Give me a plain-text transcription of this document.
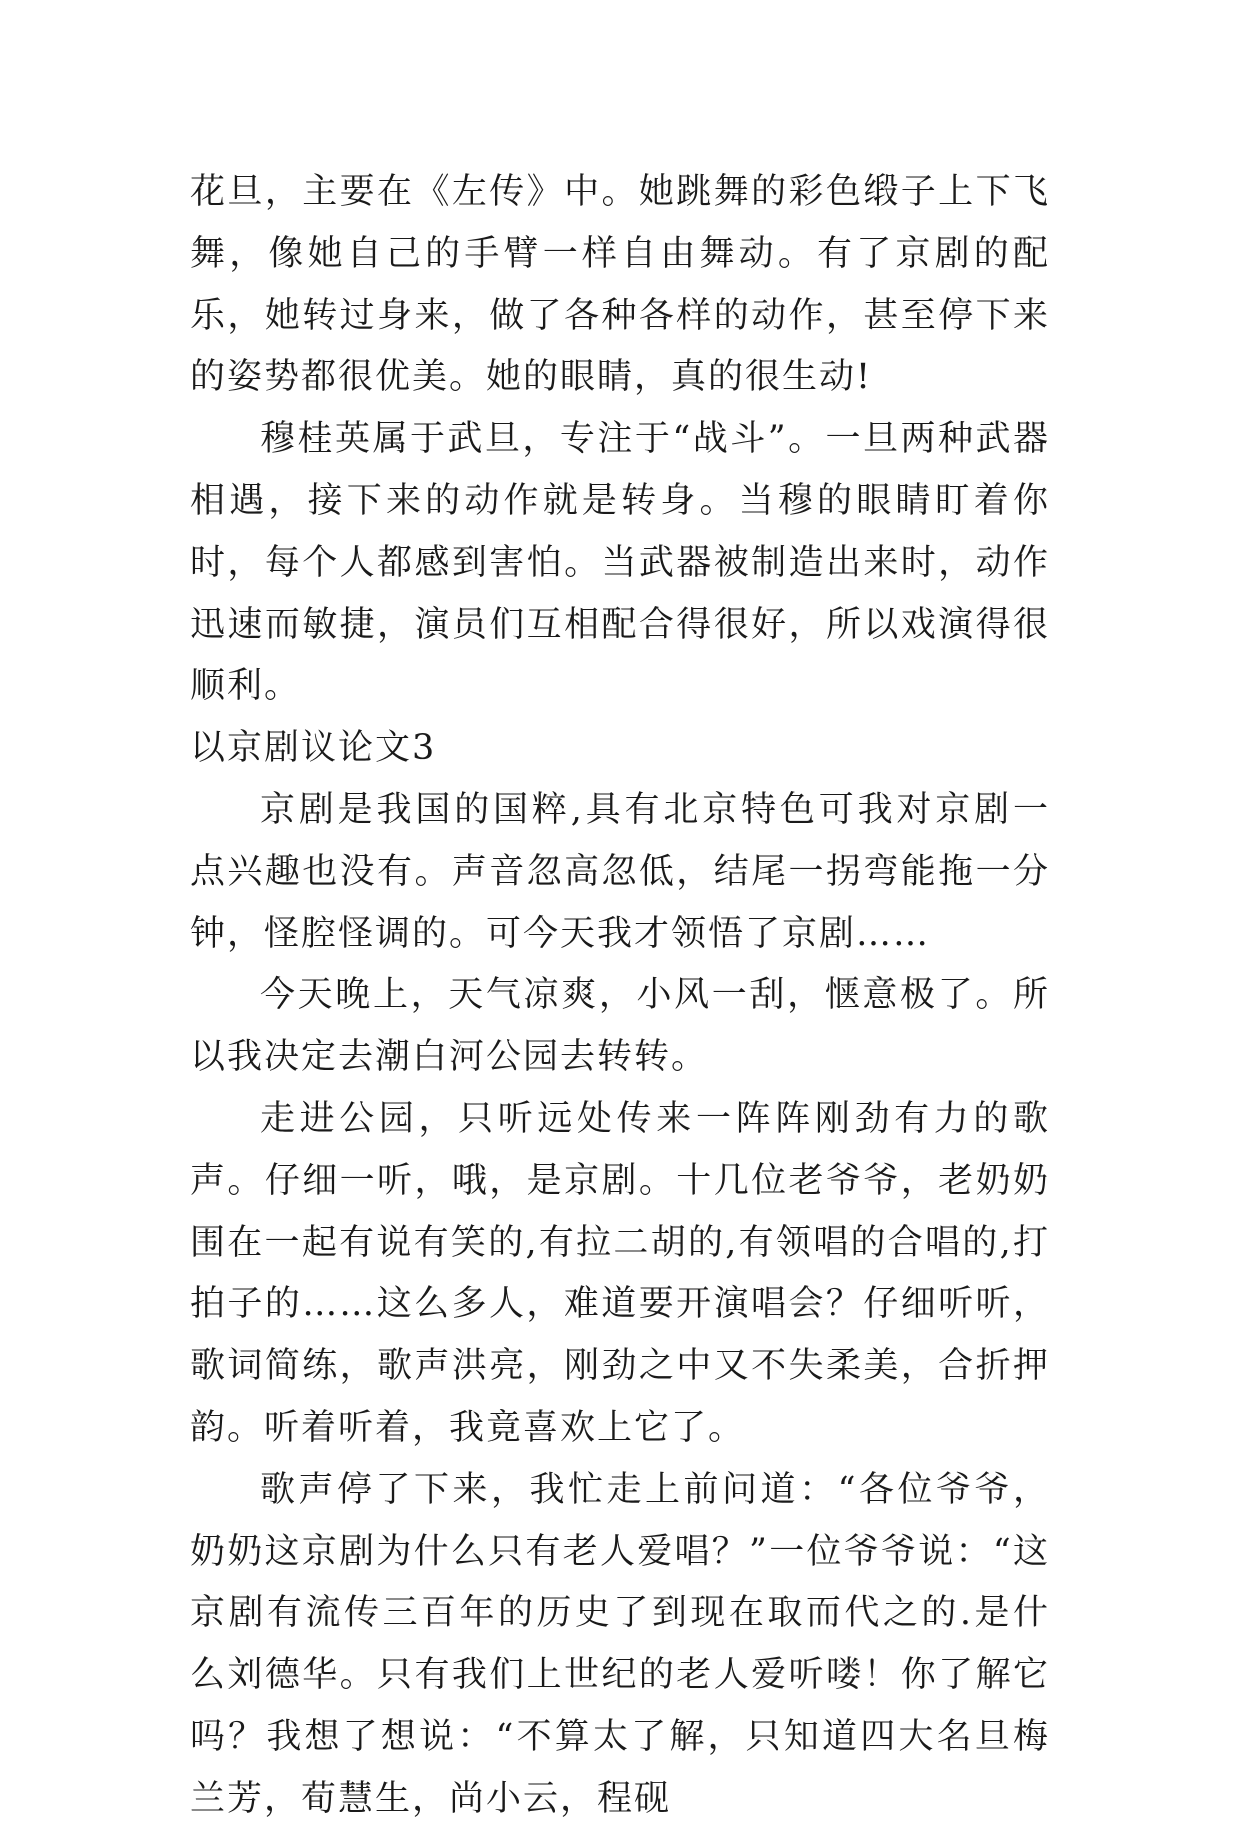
花旦，主要在《左传》中。她跳舞的彩色缎子上下飞舞，像她自己的手臂一样自由舞动。有了京剧的配乐，她转过身来，做了各种各样的动作，甚至停下来的姿势都很优美。她的眼睛，真的很生动!

穆桂英属于武旦，专注于“战斗”。一旦两种武器相遇，接下来的动作就是转身。当穆的眼睛盯着你时，每个人都感到害怕。当武器被制造出来时，动作迅速而敏捷，演员们互相配合得很好，所以戏演得很顺利。

以京剧议论文3

京剧是我国的国粹,具有北京特色可我对京剧一点兴趣也没有。声音忽高忽低，结尾一拐弯能拖一分钟，怪腔怪调的。可今天我才领悟了京剧……

今天晚上，天气凉爽，小风一刮，惬意极了。所以我决定去潮白河公园去转转。

走进公园，只听远处传来一阵阵刚劲有力的歌声。仔细一听，哦，是京剧。十几位老爷爷，老奶奶围在一起有说有笑的,有拉二胡的,有领唱的合唱的,打拍子的……这么多人，难道要开演唱会？仔细听听，歌词简练，歌声洪亮，刚劲之中又不失柔美，合折押韵。听着听着，我竟喜欢上它了。

歌声停了下来，我忙走上前问道：“各位爷爷，奶奶这京剧为什么只有老人爱唱？”一位爷爷说：“这京剧有流传三百年的历史了到现在取而代之的.是什么刘德华。只有我们上世纪的老人爱听喽！你了解它吗？我想了想说：“不算太了解，只知道四大名旦梅兰芳，荀慧生，尚小云，程砚
